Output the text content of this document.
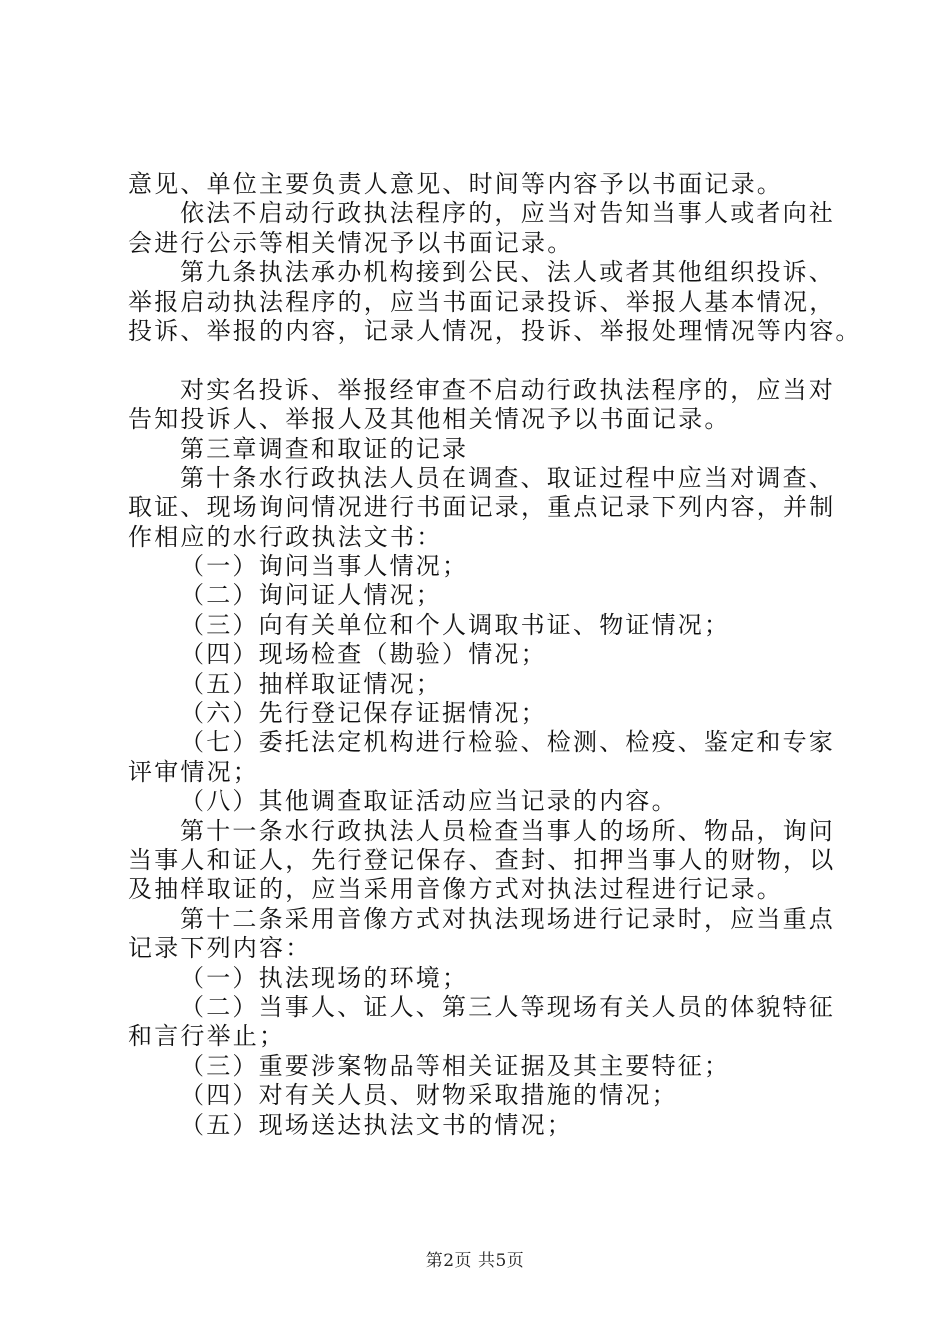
意见、单位主要负责人意见、时间等内容予以书面记录。
依法不启动行政执法程序的，应当对告知当事人或者向社
会进行公示等相关情况予以书面记录。
第九条执法承办机构接到公民、法人或者其他组织投诉、
举报启动执法程序的，应当书面记录投诉、举报人基本情况，
投诉、举报的内容，记录人情况，投诉、举报处理情况等内容。
对实名投诉、举报经审查不启动行政执法程序的，应当对
告知投诉人、举报人及其他相关情况予以书面记录。
第三章调查和取证的记录
第十条水行政执法人员在调查、取证过程中应当对调查、
取证、现场询问情况进行书面记录，重点记录下列内容，并制
作相应的水行政执法文书：
（一）询问当事人情况；
（二）询问证人情况；
（三）向有关单位和个人调取书证、物证情况；
（四）现场检查（勘验）情况；
（五）抽样取证情况；
（六）先行登记保存证据情况；
（七）委托法定机构进行检验、检测、检疫、鉴定和专家
评审情况；
（八）其他调查取证活动应当记录的内容。
第十一条水行政执法人员检查当事人的场所、物品，询问
当事人和证人，先行登记保存、查封、扣押当事人的财物，以
及抽样取证的，应当采用音像方式对执法过程进行记录。
第十二条采用音像方式对执法现场进行记录时，应当重点
记录下列内容：
（一）执法现场的环境；
（二）当事人、证人、第三人等现场有关人员的体貌特征
和言行举止；
（三）重要涉案物品等相关证据及其主要特征；
（四）对有关人员、财物采取措施的情况；
（五）现场送达执法文书的情况；
第2页 共5页
